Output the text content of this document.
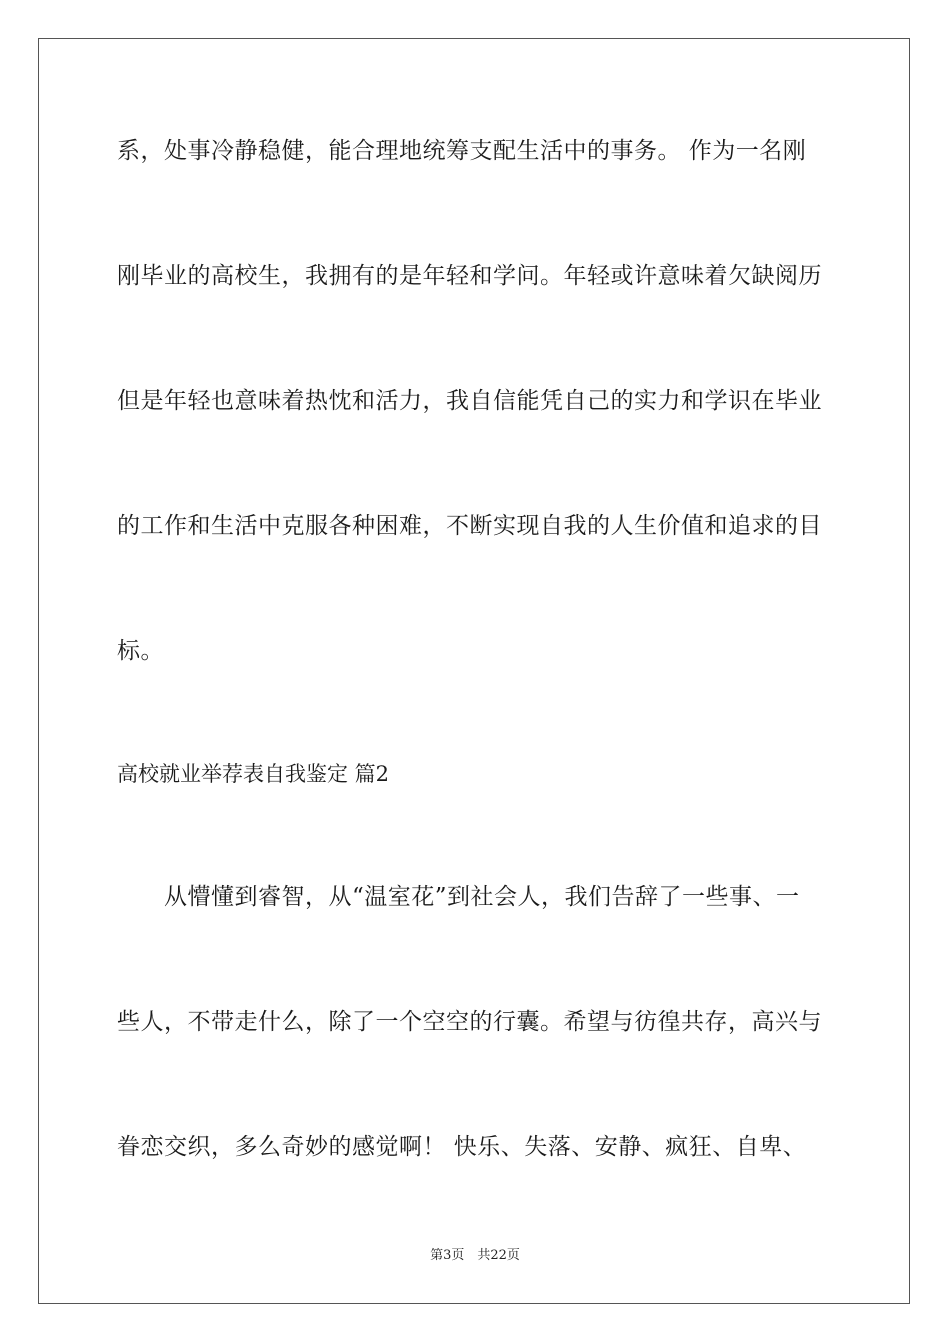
系，处事冷静稳健，能合理地统筹支配生活中的事务。 作为一名刚
刚毕业的高校生，我拥有的是年轻和学问。年轻或许意味着欠缺阅历
但是年轻也意味着热忱和活力，我自信能凭自己的实力和学识在毕业
的工作和生活中克服各种困难，不断实现自我的人生价值和追求的目
标。
高校就业举荐表自我鉴定 篇2
　　从懵懂到睿智，从“温室花”到社会人，我们告辞了一些事、一
些人，不带走什么，除了一个空空的行囊。希望与彷徨共存，高兴与
眷恋交织，多么奇妙的感觉啊！ 快乐、失落、安静、疯狂、自卑、
第3页　共22页
